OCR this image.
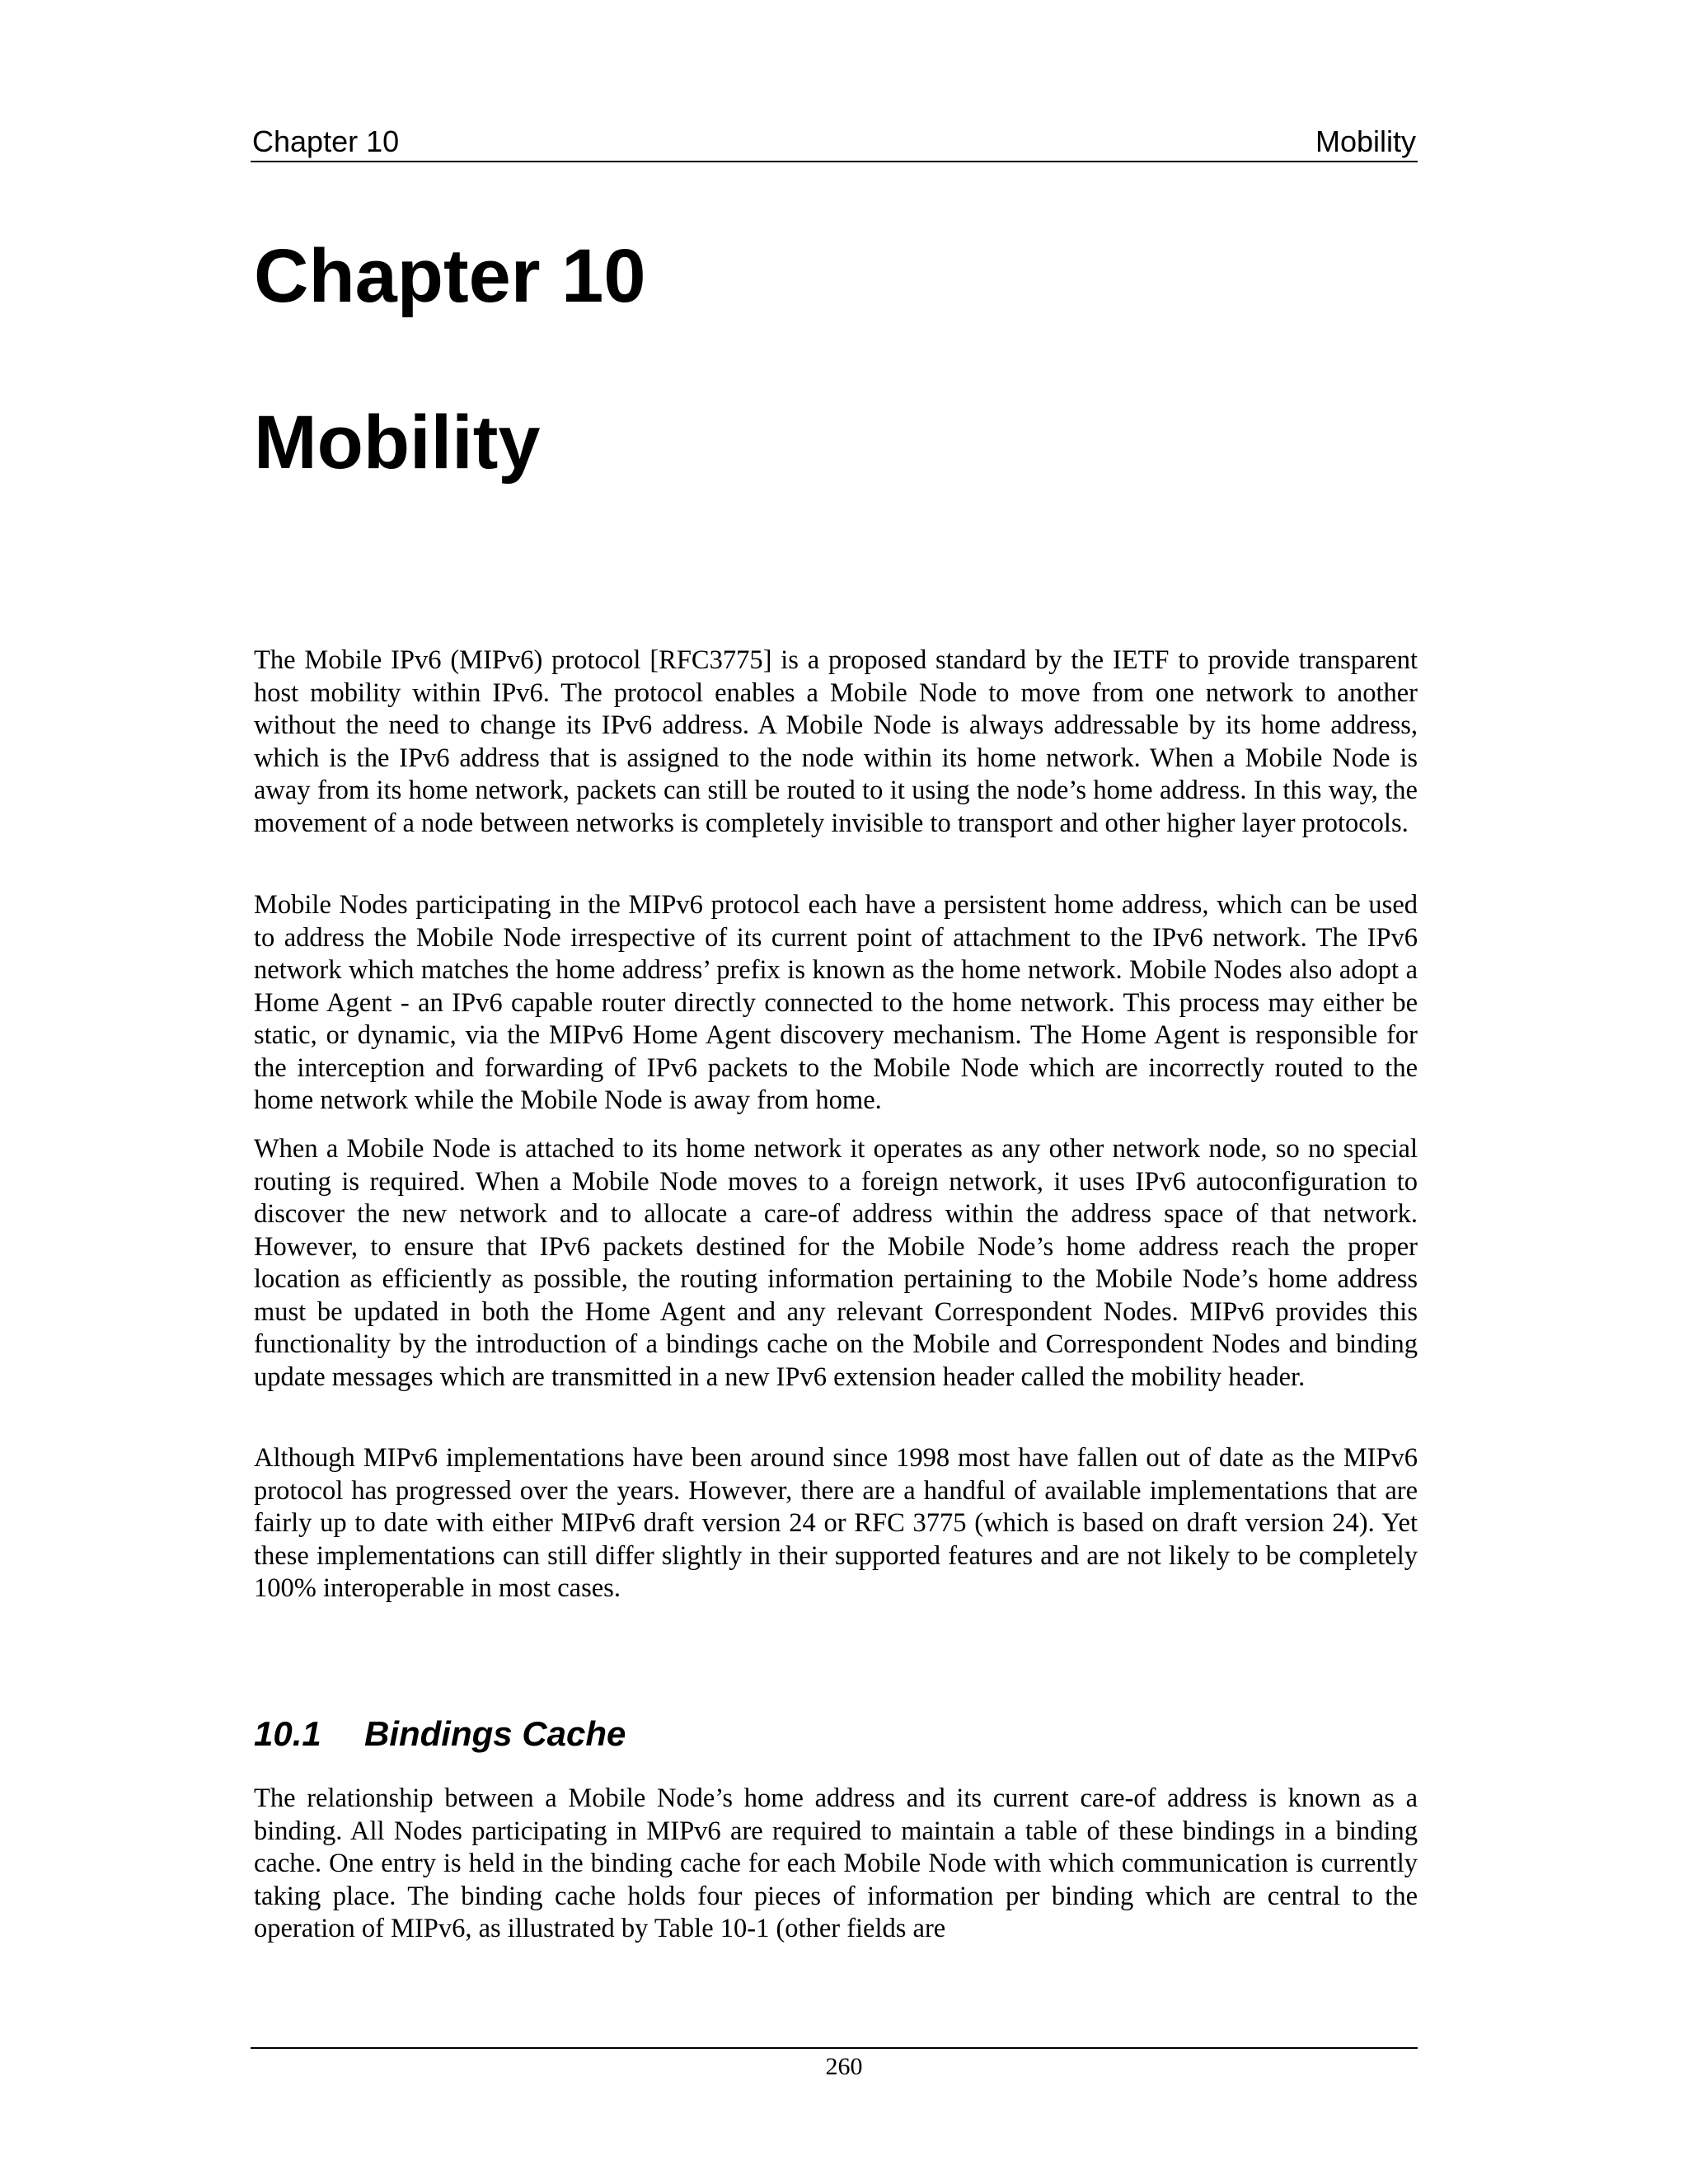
Chapter 10	Mobility
Chapter 10
Mobility

The Mobile IPv6 (MIPv6) protocol [RFC3775] is a proposed standard by the IETF to provide transparent host mobility within IPv6. The protocol enables a Mobile Node to move from one network to another without the need to change its IPv6 address. A Mobile Node is always addressable by its home address, which is the IPv6 address that is assigned to the node within its home network. When a Mobile Node is away from its home network, packets can still be routed to it using the node’s home address. In this way, the movement of a node between networks is completely invisible to transport and other higher layer protocols.

Mobile Nodes participating in the MIPv6 protocol each have a persistent home address, which can be used to address the Mobile Node irrespective of its current point of attachment to the IPv6 network. The IPv6 network which matches the home address’ prefix is known as the home network. Mobile Nodes also adopt a Home Agent - an IPv6 capable router directly connected to the home network. This process may either be static, or dynamic, via the MIPv6 Home Agent discovery mechanism. The Home Agent is responsible for the interception and forwarding of IPv6 packets to the Mobile Node which are incorrectly routed to the home network while the Mobile Node is away from home.

When a Mobile Node is attached to its home network it operates as any other network node, so no special routing is required. When a Mobile Node moves to a foreign network, it uses IPv6 autoconfiguration to discover the new network and to allocate a care-of address within the address space of that network. However, to ensure that IPv6 packets destined for the Mobile Node’s home address reach the proper location as efficiently as possible, the routing information pertaining to the Mobile Node’s home address must be updated in both the Home Agent and any relevant Correspondent Nodes. MIPv6 provides this functionality by the introduction of a bindings cache on the Mobile and Correspondent Nodes and binding update messages which are transmitted in a new IPv6 extension header called the mobility header.

Although MIPv6 implementations have been around since 1998 most have fallen out of date as the MIPv6 protocol has progressed over the years. However, there are a handful of available implementations that are fairly up to date with either MIPv6 draft version 24 or RFC 3775 (which is based on draft version 24). Yet these implementations can still differ slightly in their supported features and are not likely to be completely 100% interoperable in most cases.

10.1 Bindings Cache

The relationship between a Mobile Node’s home address and its current care-of address is known as a binding. All Nodes participating in MIPv6 are required to maintain a table of these bindings in a binding cache. One entry is held in the binding cache for each Mobile Node with which communication is currently taking place. The binding cache holds four pieces of information per binding which are central to the operation of MIPv6, as illustrated by Table 10-1 (other fields are

260
